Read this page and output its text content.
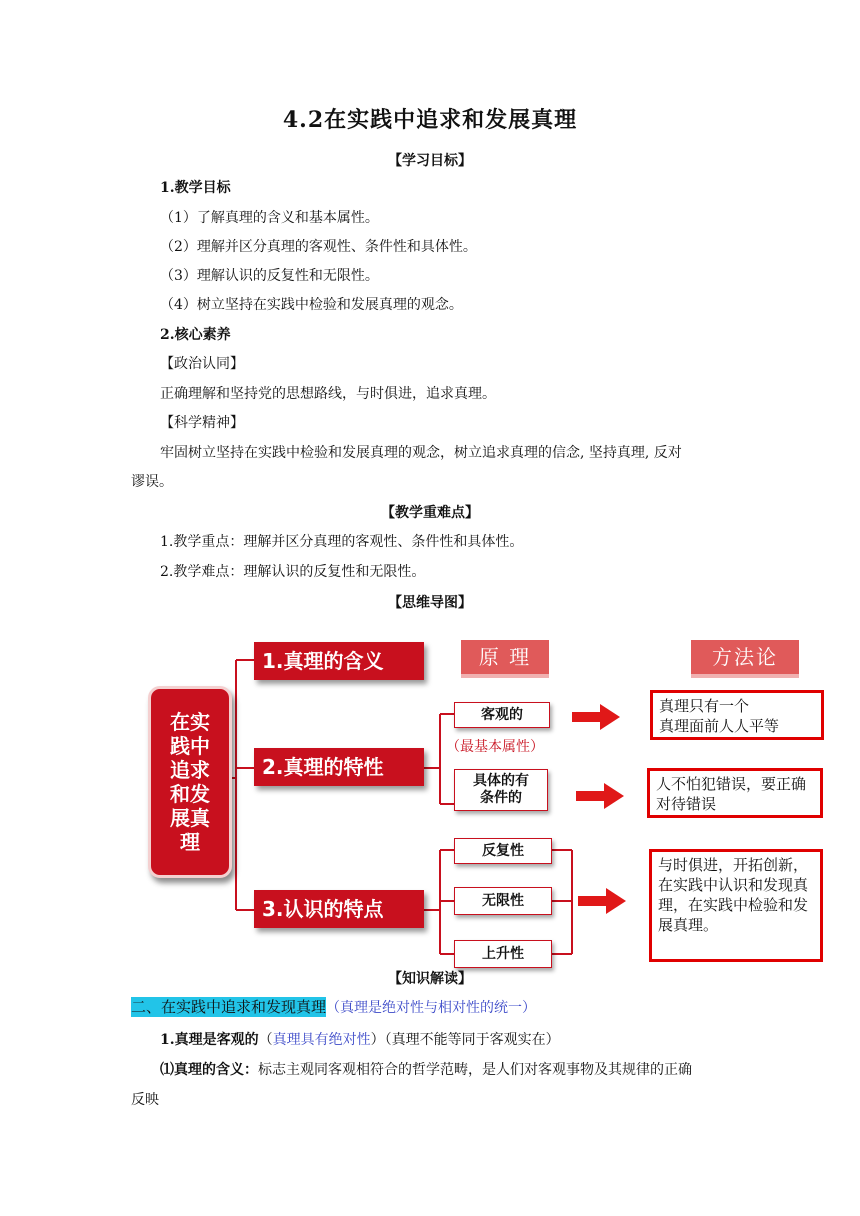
4.2在实践中追求和发展真理
【学习目标】
1.教学目标
（1）了解真理的含义和基本属性。
（2）理解并区分真理的客观性、条件性和具体性。
（3）理解认识的反复性和无限性。
（4）树立坚持在实践中检验和发展真理的观念。
2.核心素养
【政治认同】
正确理解和坚持党的思想路线，与时俱进，追求真理。
【科学精神】
牢固树立坚持在实践中检验和发展真理的观念，树立追求真理的信念, 坚持真理, 反对
谬误。
【教学重难点】
1.教学重点：理解并区分真理的客观性、条件性和具体性。
2.教学难点：理解认识的反复性和无限性。
【思维导图】
在实践中追求和发展真理
1.真理的含义
2.真理的特性
3.认识的特点
原 理	方法论
客观的
（最基本属性）
具体的有条件的
反复性
无限性
上升性
真理只有一个
真理面前人人平等
人不怕犯错误，要正确对待错误
与时俱进，开拓创新，在实践中认识和发现真理，在实践中检验和发展真理。
【知识解读】
二、在实践中追求和发现真理（真理是绝对性与相对性的统一）
1.真理是客观的（真理具有绝对性）（真理不能等同于客观实在）
⑴真理的含义：标志主观同客观相符合的哲学范畴，是人们对客观事物及其规律的正确
反映
